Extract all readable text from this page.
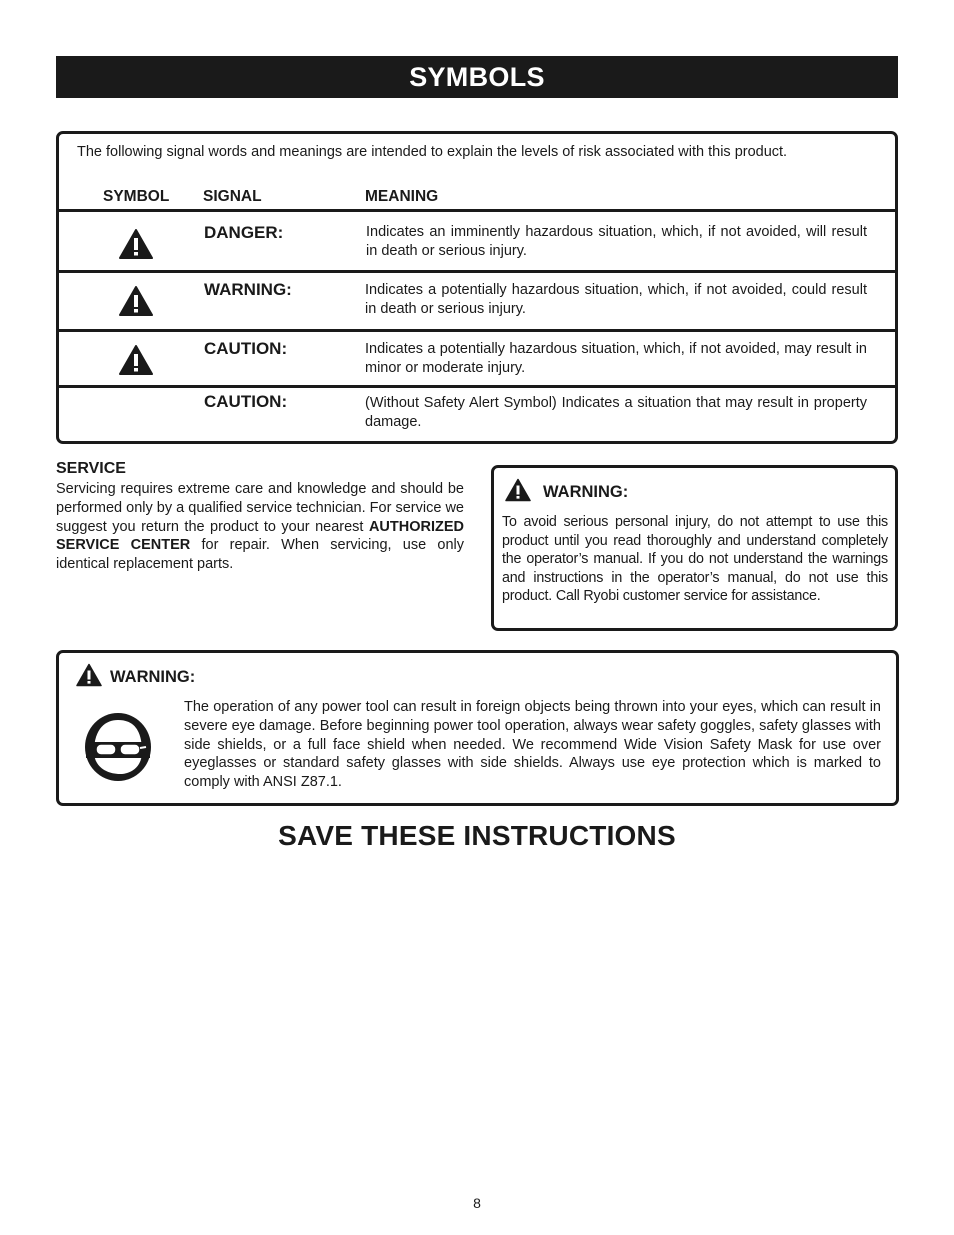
SYMBOLS
The following signal words and meanings are intended to explain the levels of risk associated with this product.
SYMBOL SIGNAL	MEANING
DANGER:	Indicates an imminently hazardous situation, which, if not avoided, will result in death or serious injury.
WARNING:	Indicates a potentially hazardous situation, which, if not avoided, could result in death or serious injury.
CAUTION:	Indicates a potentially hazardous situation, which, if not avoided, may result in minor or moderate injury.
CAUTION:	(Without Safety Alert Symbol) Indicates a situation that may result in property damage.
SERVICE

Servicing requires extreme care and knowledge and should be performed only by a qualified service technician. For service we suggest you return the product to your nearest AUTHORIZED SERVICE CENTER for repair. When servicing, use only identical replacement parts.

WARNING:

To avoid serious personal injury, do not attempt to use this product until you read thoroughly and understand completely the operator’s manual. If you do not understand the warnings and instructions in the operator’s manual, do not use this product. Call Ryobi customer service for assistance.

WARNING:

The operation of any power tool can result in foreign objects being thrown into your eyes, which can result in severe eye damage. Before beginning power tool operation, always wear safety goggles, safety glasses with side shields, or a full face shield when needed. We recommend Wide Vision Safety Mask for use over eyeglasses or standard safety glasses with side shields. Always use eye protection which is marked to comply with ANSI Z87.1.

SAVE THESE INSTRUCTIONS
8
